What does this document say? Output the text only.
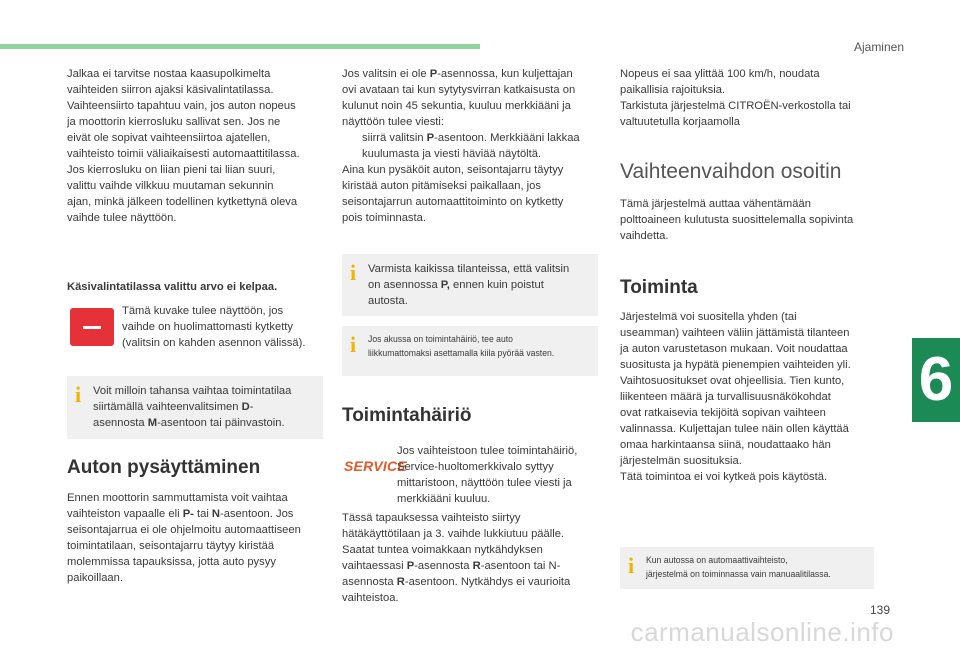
Ajaminen
6
139
carmanualsonline.info

Jalkaa ei tarvitse nostaa kaasupolkimelta

vaihteiden siirron ajaksi käsivalintatilassa.

Vaihteensiirto tapahtuu vain, jos auton nopeus

ja moottorin kierrosluku sallivat sen. Jos ne

eivät ole sopivat vaihteensiirtoa ajatellen,

vaihteisto toimii väliaikaisesti automaattitilassa.

Jos kierrosluku on liian pieni tai liian suuri,

valittu vaihde vilkkuu muutaman sekunnin

ajan, minkä jälkeen todellinen kytkettynä oleva

vaihde tulee näyttöön.

Käsivalintatilassa valittu arvo ei kelpaa.

Tämä kuvake tulee näyttöön, jos

vaihde on huolimattomasti kytketty

(valitsin on kahden asennon välissä).

i	Voit milloin tahansa vaihtaa toimintatilaa

siirtämällä vaihteenvalitsimen D-

asennosta M-asentoon tai päinvastoin.

Auton pysäyttäminen

Ennen moottorin sammuttamista voit vaihtaa

vaihteiston vapaalle eli P- tai N-asentoon. Jos

seisontajarrua ei ole ohjelmoitu automaattiseen

toimintatilaan, seisontajarru täytyy kiristää

molemmissa tapauksissa, jotta auto pysyy

paikoillaan.

Jos valitsin ei ole P-asennossa, kun kuljettajan

ovi avataan tai kun sytytysvirran katkaisusta on

kulunut noin 45 sekuntia, kuuluu merkkiääni ja

näyttöön tulee viesti:

siirrä valitsin P-asentoon. Merkkiääni lakkaa

kuulumasta ja viesti häviää näytöltä.

Aina kun pysäköit auton, seisontajarru täytyy

kiristää auton pitämiseksi paikallaan, jos

seisontajarrun automaattitoiminto on kytketty

pois toiminnasta.

i	Varmista kaikissa tilanteissa, että valitsin

on asennossa P, ennen kuin poistut

autosta.

i	Jos akussa on toimintahäiriö, tee auto

liikkumattomaksi asettamalla kiila pyörää vasten.

Toimintahäiriö
SERVICE

Jos vaihteistoon tulee toimintahäiriö,

Service-huoltomerkkivalo syttyy

mittaristoon, näyttöön tulee viesti ja

merkkiääni kuuluu.

Tässä tapauksessa vaihteisto siirtyy

hätäkäyttötilaan ja 3. vaihde lukkiutuu päälle.

Saatat tuntea voimakkaan nytkähdyksen

vaihtaessasi P-asennosta R-asentoon tai N-

asennosta R-asentoon. Nytkähdys ei vaurioita

vaihteistoa.

Nopeus ei saa ylittää 100 km/h, noudata

paikallisia rajoituksia.

Tarkistuta järjestelmä CITROËN-verkostolla tai

valtuutetulla korjaamolla

Vaihteenvaihdon osoitin

Tämä järjestelmä auttaa vähentämään

polttoaineen kulutusta suosittelemalla sopivinta

vaihdetta.

Toiminta

Järjestelmä voi suositella yhden (tai

useamman) vaihteen väliin jättämistä tilanteen

ja auton varustetason mukaan. Voit noudattaa

suositusta ja hypätä pienempien vaihteiden yli.

Vaihtosuositukset ovat ohjeellisia. Tien kunto,

liikenteen määrä ja turvallisuusnäkökohdat

ovat ratkaisevia tekijöitä sopivan vaihteen

valinnassa. Kuljettajan tulee näin ollen käyttää

omaa harkintaansa siinä, noudattaako hän

järjestelmän suosituksia.

Tätä toimintoa ei voi kytkeä pois käytöstä.

i	Kun autossa on automaattivaihteisto,

järjestelmä on toiminnassa vain manuaalitilassa.
